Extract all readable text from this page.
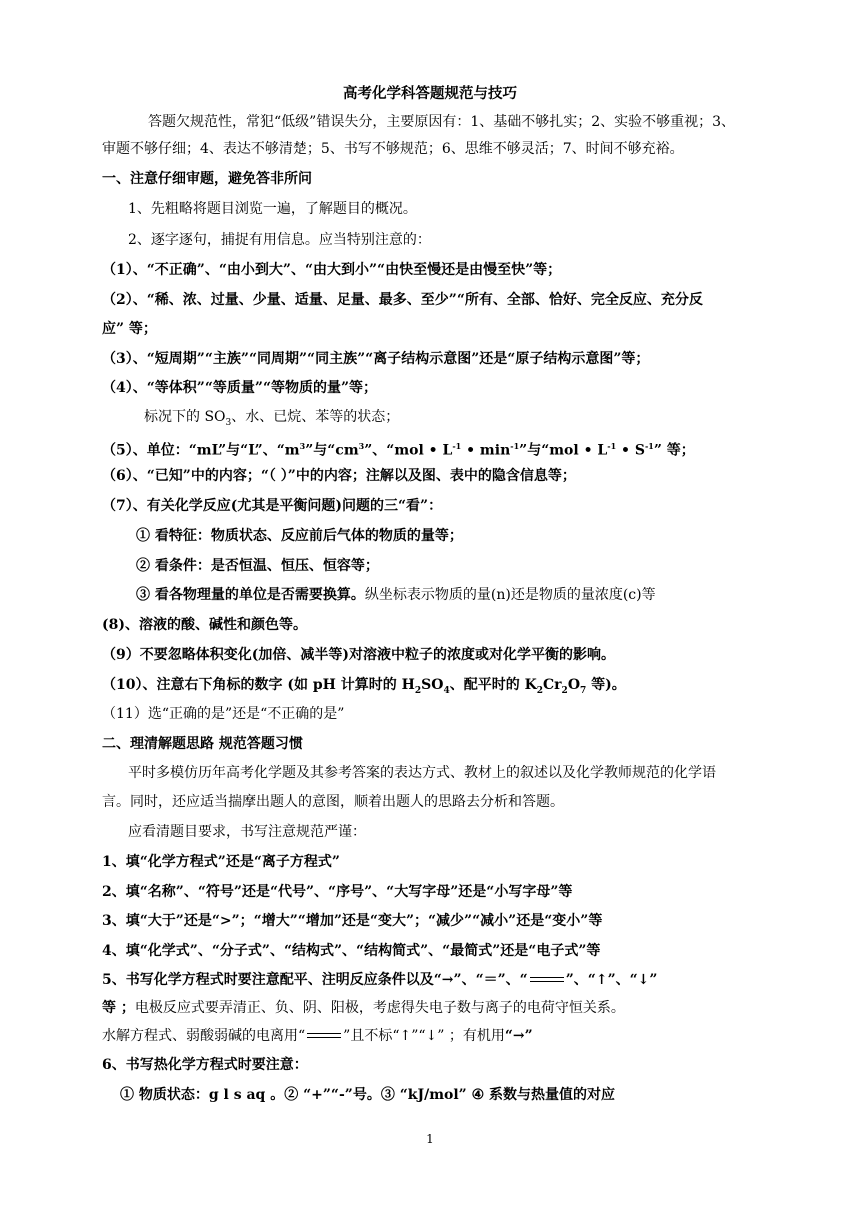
高考化学科答题规范与技巧
答题欠规范性，常犯“低级”错误失分，主要原因有：1、基础不够扎实；2、实验不够重视；3、
审题不够仔细；4、表达不够清楚；5、书写不够规范；6、思维不够灵活；7、时间不够充裕。
一、注意仔细审题，避免答非所问
1、先粗略将题目浏览一遍，了解题目的概况。
2、逐字逐句，捕捉有用信息。应当特别注意的：
（1）、“不正确”、“由小到大”、“由大到小”“由快至慢还是由慢至快”等；
（2）、“稀、浓、过量、少量、适量、足量、最多、至少”“所有、全部、恰好、完全反应、充分反
应” 等；
（3）、“短周期”“主族”“同周期”“同主族”“离子结构示意图”还是“原子结构示意图”等；
（4）、“等体积”“等质量”“等物质的量”等；
标况下的 $SO_3$、水、已烷、苯等的状态；
（5）、单位：“mL”与“L”、“$m^3$”与“$cm^3$”、“mol • $L^{-1}$ • $\min^{-1}$”与“mol • $L^{-1}$ • $S^{-1}$” 等；
（6）、“已知”中的内容；“（ ）”中的内容；注解以及图、表中的隐含信息等；
（7）、有关化学反应(尤其是平衡问题)问题的三“看”：
① 看特征：物质状态、反应前后气体的物质的量等；
② 看条件：是否恒温、恒压、恒容等；
③ 看各物理量的单位是否需要换算。纵坐标表示物质的量(n)还是物质的量浓度(c)等
(8)、溶液的酸、碱性和颜色等。
（9）不要忽略体积变化(加倍、减半等)对溶液中粒子的浓度或对化学平衡的影响。
（10）、注意右下角标的数字 (如 pH 计算时的 $H_2SO_4$、配平时的 $K_2Cr_2O_7$ 等)。
（11）选“正确的是”还是“不正确的是”
二、理清解题思路 规范答题习惯
平时多模仿历年高考化学题及其参考答案的表达方式、教材上的叙述以及化学教师规范的化学语
言。同时，还应适当揣摩出题人的意图，顺着出题人的思路去分析和答题。
应看清题目要求，书写注意规范严谨：
1、填“化学方程式”还是“离子方程式”
2、填“名称”、“符号”还是“代号”、“序号”、“大写字母”还是“小写字母”等
3、填“大于”还是“>”；“增大”“增加”还是“变大”；“减少”“减小”还是“变小”等
4、填“化学式”、“分子式”、“结构式”、“结构简式”、“最简式”还是“电子式”等
5、书写化学方程式时要注意配平、注明反应条件以及“→”、“＝”、“	”、“↑”、“↓”
等 ；电极反应式要弄清正、负、阴、阳极，考虑得失电子数与离子的电荷守恒关系。
水解方程式、弱酸弱碱的电离用“	”且不标“↑”“↓” ；有机用“→”
6、书写热化学方程式时要注意：
① 物质状态：g l s aq 。② “+”“-”号。③ “kJ/mol” ④ 系数与热量值的对应
1
